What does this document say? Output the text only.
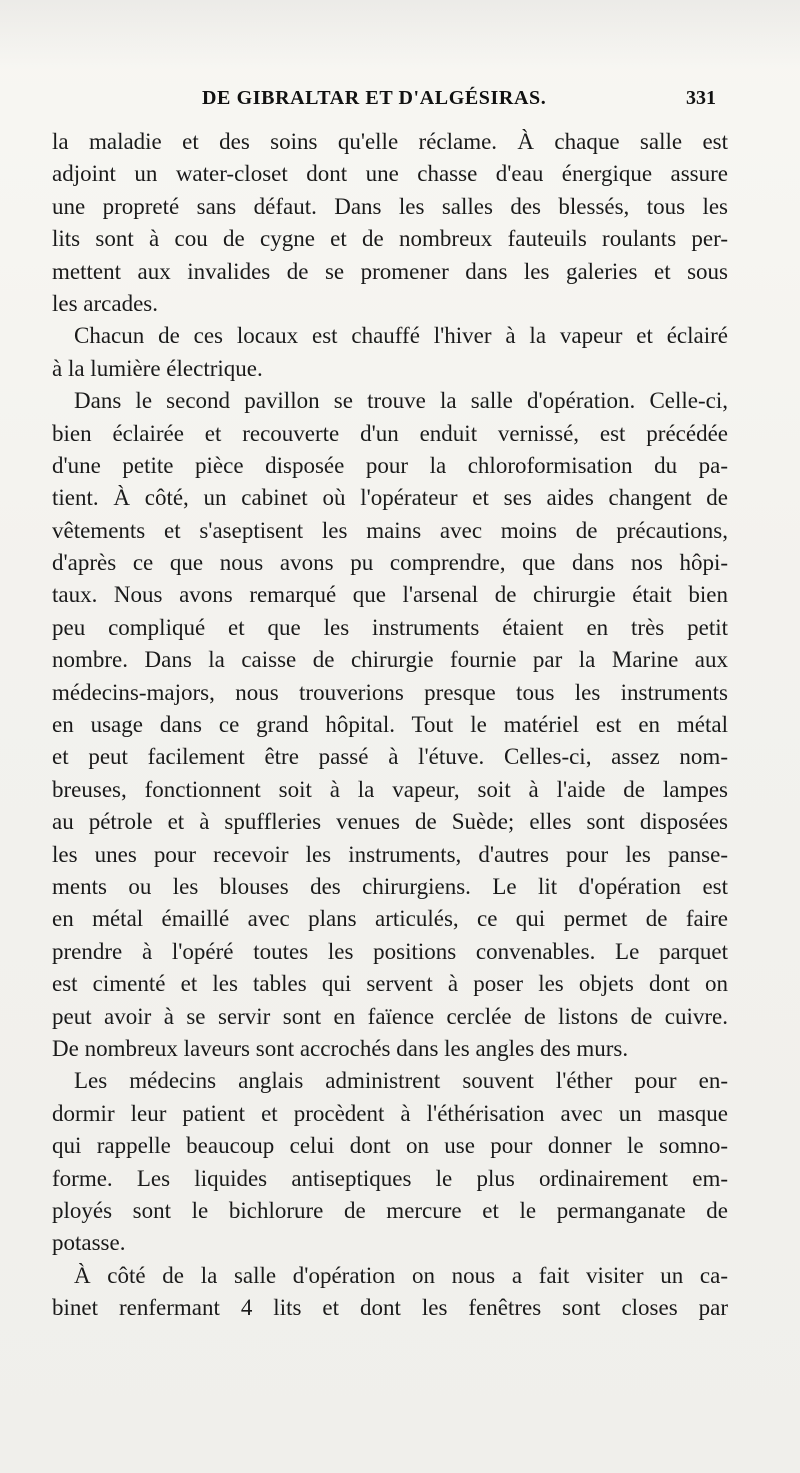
DE GIBRALTAR ET D'ALGÉSIRAS.	331
la maladie et des soins qu'elle réclame. À chaque salle est
adjoint un water-closet dont une chasse d'eau énergique assure
une propreté sans défaut. Dans les salles des blessés, tous les
lits sont à cou de cygne et de nombreux fauteuils roulants per-
mettent aux invalides de se promener dans les galeries et sous
les arcades.
Chacun de ces locaux est chauffé l'hiver à la vapeur et éclairé
à la lumière électrique.
Dans le second pavillon se trouve la salle d'opération. Celle-ci,
bien éclairée et recouverte d'un enduit vernissé, est précédée
d'une petite pièce disposée pour la chloroformisation du pa-
tient. À côté, un cabinet où l'opérateur et ses aides changent de
vêtements et s'aseptisent les mains avec moins de précautions,
d'après ce que nous avons pu comprendre, que dans nos hôpi-
taux. Nous avons remarqué que l'arsenal de chirurgie était bien
peu compliqué et que les instruments étaient en très petit
nombre. Dans la caisse de chirurgie fournie par la Marine aux
médecins-majors, nous trouverions presque tous les instruments
en usage dans ce grand hôpital. Tout le matériel est en métal
et peut facilement être passé à l'étuve. Celles-ci, assez nom-
breuses, fonctionnent soit à la vapeur, soit à l'aide de lampes
au pétrole et à spuffleries venues de Suède; elles sont disposées
les unes pour recevoir les instruments, d'autres pour les panse-
ments ou les blouses des chirurgiens. Le lit d'opération est
en métal émaillé avec plans articulés, ce qui permet de faire
prendre à l'opéré toutes les positions convenables. Le parquet
est cimenté et les tables qui servent à poser les objets dont on
peut avoir à se servir sont en faïence cerclée de listons de cuivre.
De nombreux laveurs sont accrochés dans les angles des murs.
Les médecins anglais administrent souvent l'éther pour en-
dormir leur patient et procèdent à l'éthérisation avec un masque
qui rappelle beaucoup celui dont on use pour donner le somno-
forme. Les liquides antiseptiques le plus ordinairement em-
ployés sont le bichlorure de mercure et le permanganate de
potasse.
À côté de la salle d'opération on nous a fait visiter un ca-
binet renfermant 4 lits et dont les fenêtres sont closes par
